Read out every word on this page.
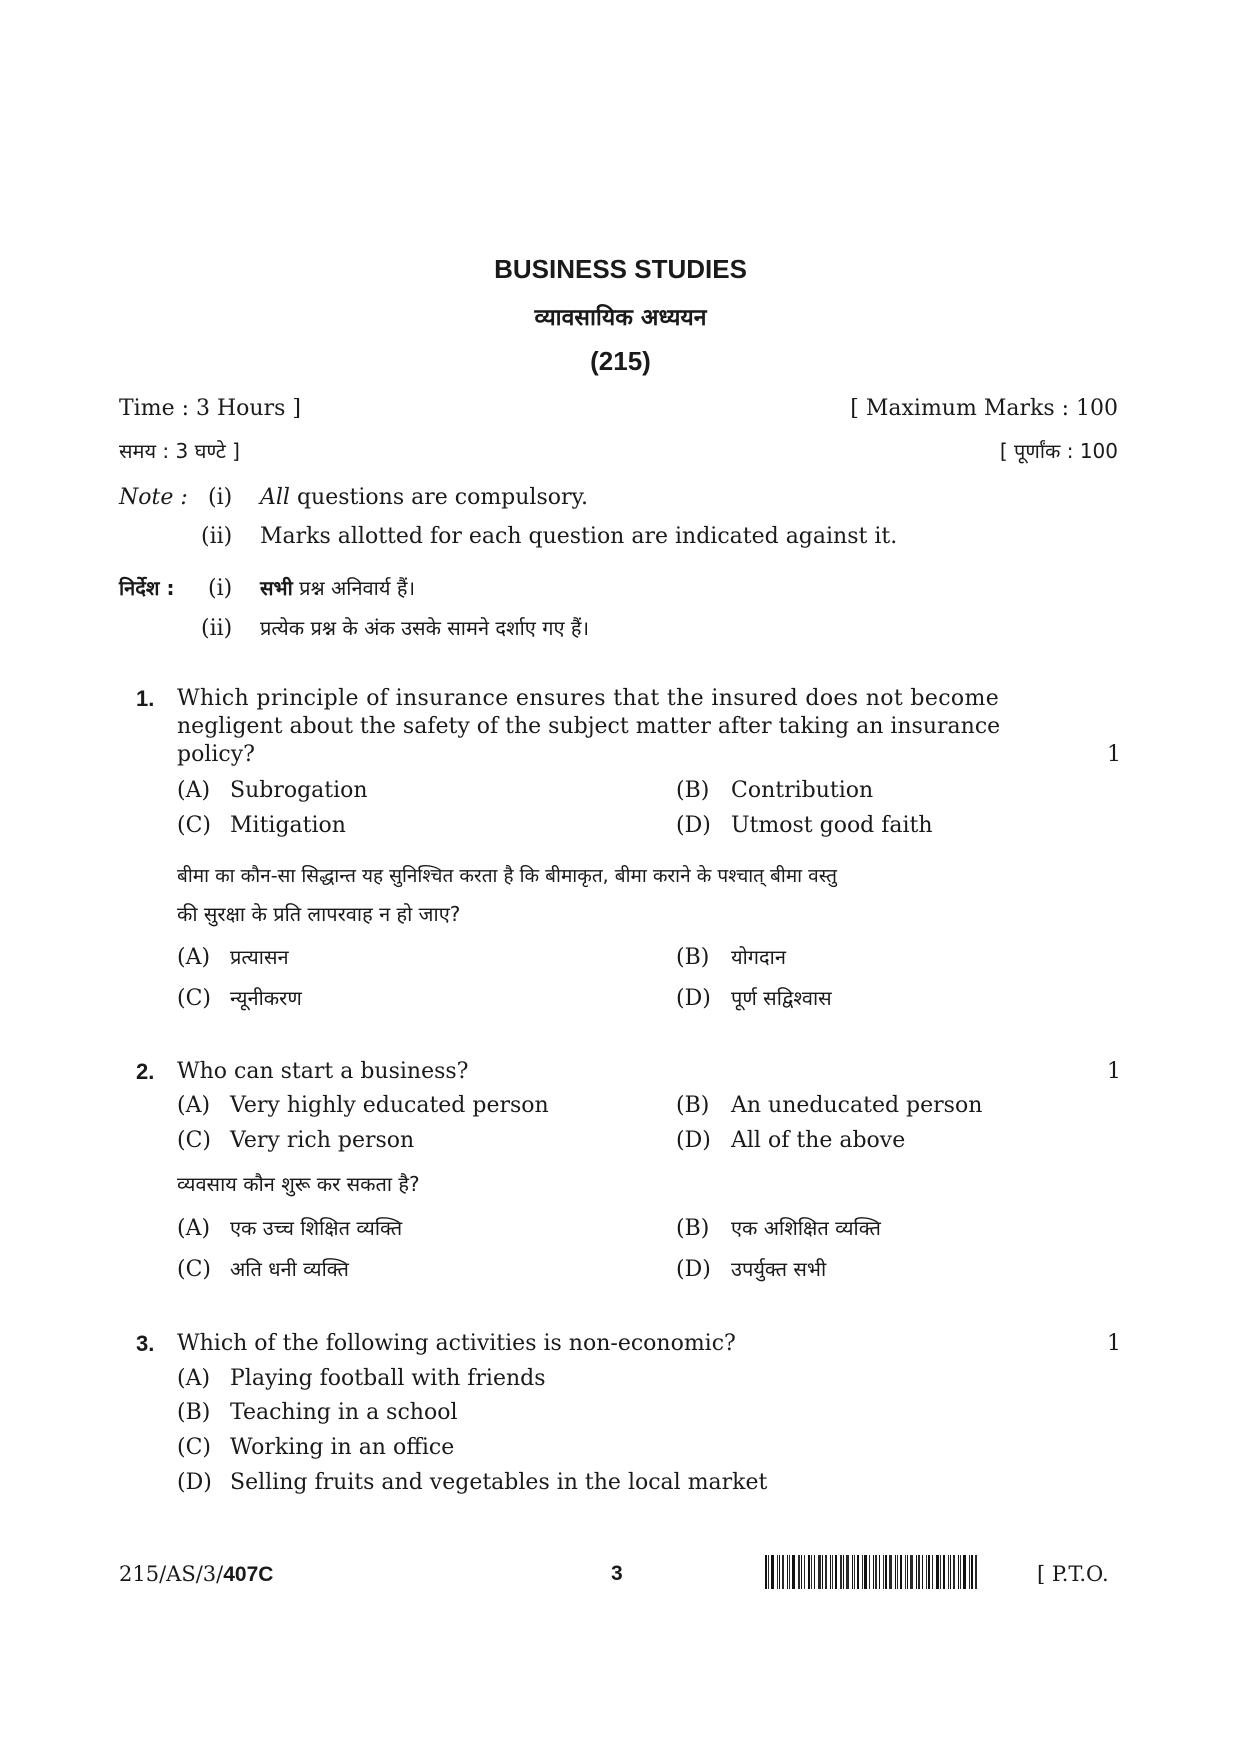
BUSINESS STUDIES
व्यावसायिक अध्ययन
(215)
Time : 3 Hours ]	[ Maximum Marks : 100
समय : 3 घण्टे ]	[ पूर्णांक : 100
Note : (i) All questions are compulsory.
(ii) Marks allotted for each question are indicated against it.
निर्देश : (i) सभी प्रश्न अनिवार्य हैं।
(ii) प्रत्येक प्रश्न के अंक उसके सामने दर्शाए गए हैं।
1. Which principle of insurance ensures that the insured does not become
negligent about the safety of the subject matter after taking an insurance
policy?	1
(A) Subrogation	(B) Contribution
(C) Mitigation	(D) Utmost good faith
बीमा का कौन-सा सिद्धान्त यह सुनिश्चित करता है कि बीमाकृत, बीमा कराने के पश्चात् बीमा वस्तु
की सुरक्षा के प्रति लापरवाह न हो जाए?
(A) प्रत्यासन	(B) योगदान
(C) न्यूनीकरण	(D) पूर्ण सद्विश्वास
2. Who can start a business?	1
(A) Very highly educated person	(B) An uneducated person
(C) Very rich person	(D) All of the above
व्यवसाय कौन शुरू कर सकता है?
(A) एक उच्च शिक्षित व्यक्ति	(B) एक अशिक्षित व्यक्ति
(C) अति धनी व्यक्ति	(D) उपर्युक्त सभी
3. Which of the following activities is non-economic?	1
(A) Playing football with friends
(B) Teaching in a school
(C) Working in an office
(D) Selling fruits and vegetables in the local market
215/AS/3/407C	3	[ P.T.O.
